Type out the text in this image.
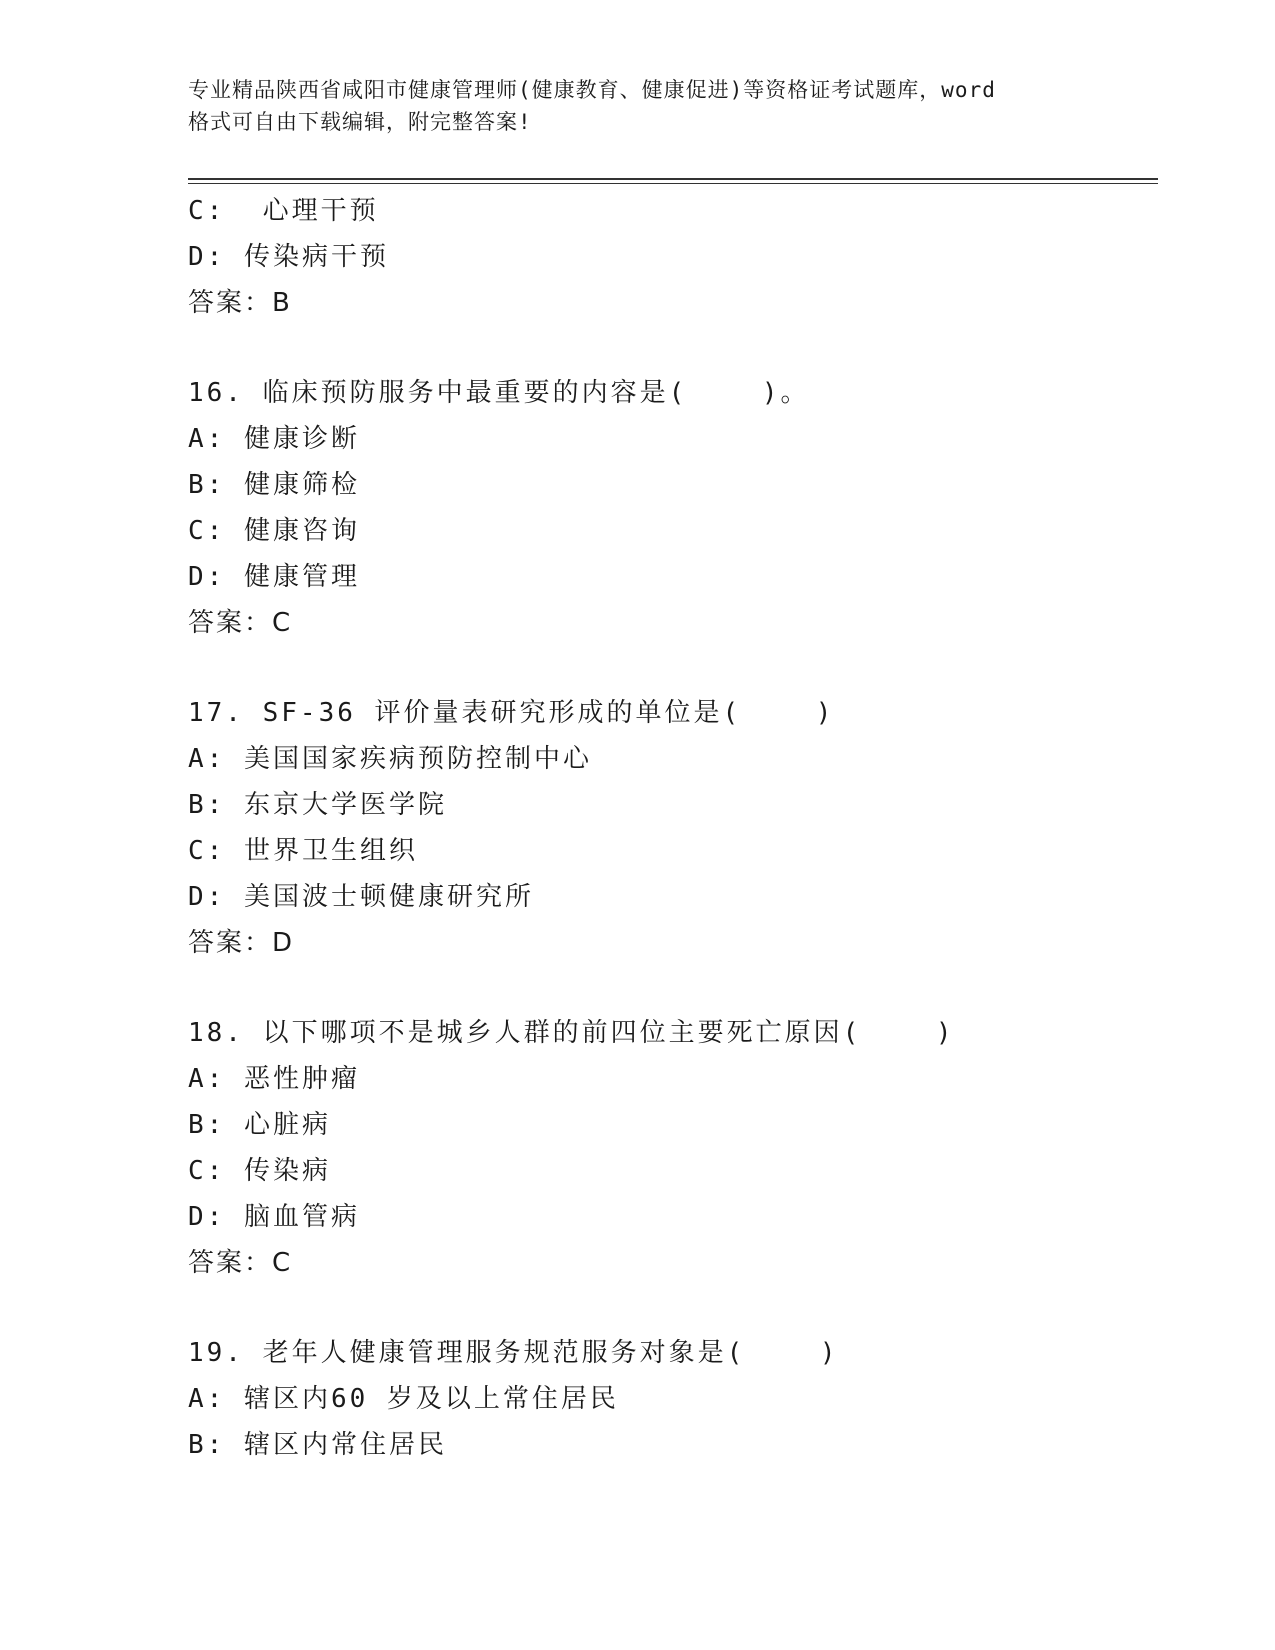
专业精品陕西省咸阳市健康管理师(健康教育、健康促进)等资格证考试题库，word
格式可自由下载编辑，附完整答案!
C:  心理干预
D: 传染病干预
答案：B
16. 临床预防服务中最重要的内容是(    )。
A: 健康诊断
B: 健康筛检
C: 健康咨询
D: 健康管理
答案：C
17. SF-36 评价量表研究形成的单位是(    )
A: 美国国家疾病预防控制中心
B: 东京大学医学院
C: 世界卫生组织
D: 美国波士顿健康研究所
答案：D
18. 以下哪项不是城乡人群的前四位主要死亡原因(    )
A: 恶性肿瘤
B: 心脏病
C: 传染病
D: 脑血管病
答案：C
19. 老年人健康管理服务规范服务对象是(    )
A: 辖区内60 岁及以上常住居民
B: 辖区内常住居民
